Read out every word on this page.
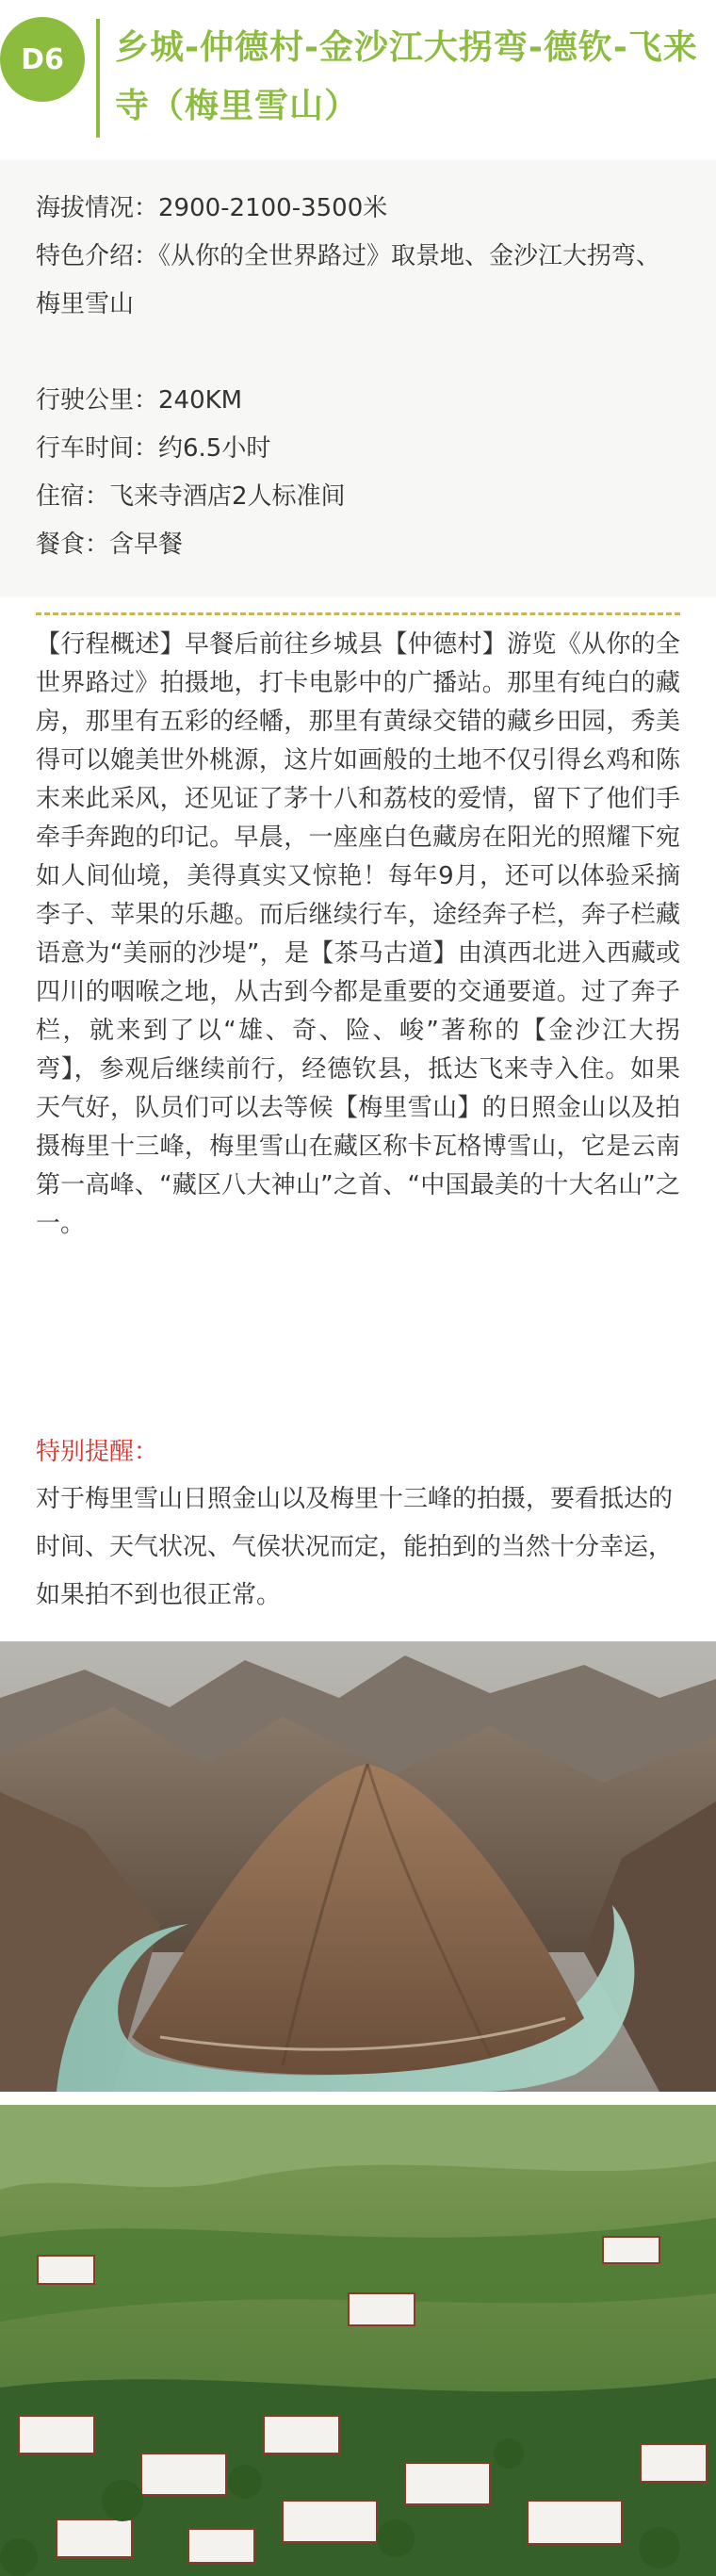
D6 乡城-仲德村-金沙江大拐弯-德钦-飞来寺（梅里雪山）
海拔情况：2900-2100-3500米
特色介绍：《从你的全世界路过》取景地、金沙江大拐弯、梅里雪山
行驶公里：240KM
行车时间：约6.5小时
住宿：飞来寺酒店2人标准间
餐食：含早餐
【行程概述】早餐后前往乡城县【仲德村】游览《从你的全世界路过》拍摄地，打卡电影中的广播站。那里有纯白的藏房，那里有五彩的经幡，那里有黄绿交错的藏乡田园，秀美得可以媲美世外桃源，这片如画般的土地不仅引得幺鸡和陈末来此采风，还见证了茅十八和荔枝的爱情，留下了他们手牵手奔跑的印记。早晨，一座座白色藏房在阳光的照耀下宛如人间仙境，美得真实又惊艳！每年9月，还可以体验采摘李子、苹果的乐趣。而后继续行车，途经奔子栏，奔子栏藏语意为“美丽的沙堤”，是【茶马古道】由滇西北进入西藏或四川的咽喉之地，从古到今都是重要的交通要道。过了奔子栏，就来到了以“雄、奇、险、峻”著称的【金沙江大拐弯】，参观后继续前行，经德钦县，抵达飞来寺入住。如果天气好，队员们可以去等候【梅里雪山】的日照金山以及拍摄梅里十三峰，梅里雪山在藏区称卡瓦格博雪山，它是云南第一高峰、“藏区八大神山”之首、“中国最美的十大名山”之一。
特别提醒：
对于梅里雪山日照金山以及梅里十三峰的拍摄，要看抵达的时间、天气状况、气侯状况而定，能拍到的当然十分幸运，如果拍不到也很正常。
